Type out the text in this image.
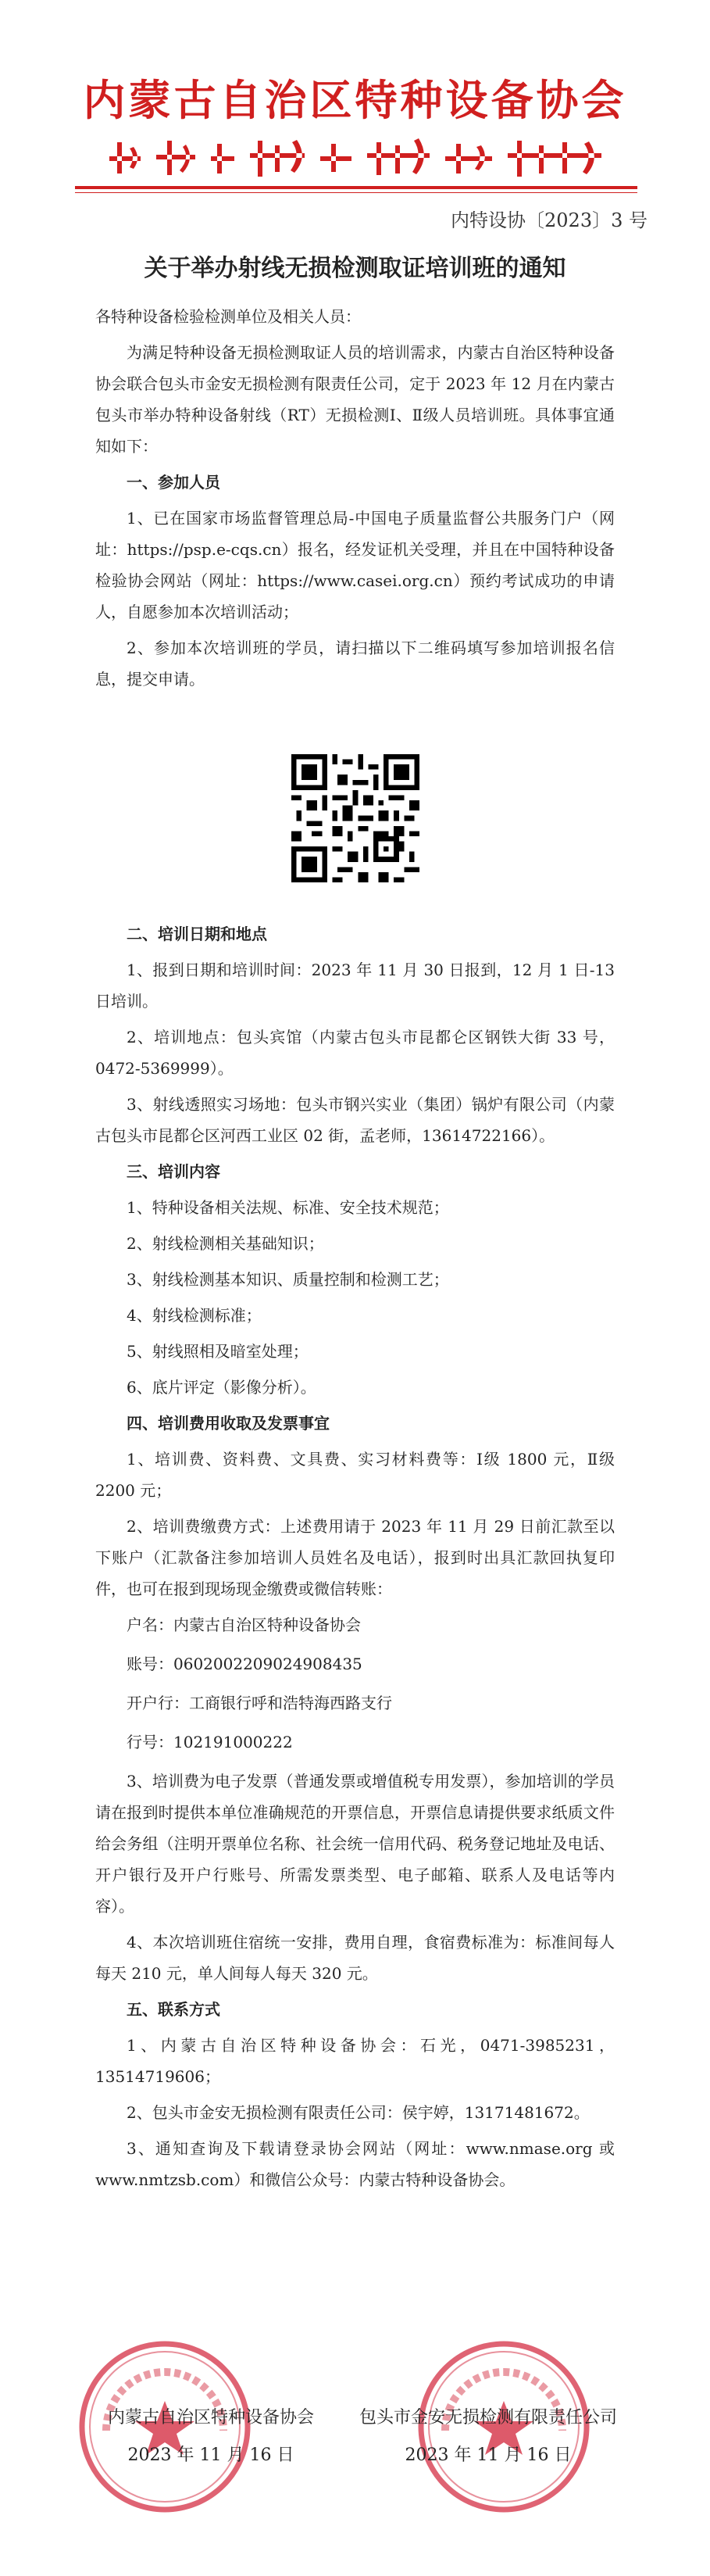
内蒙古自治区特种设备协会
内特设协〔2023〕3 号
关于举办射线无损检测取证培训班的通知

各特种设备检验检测单位及相关人员：

为满足特种设备无损检测取证人员的培训需求，内蒙古自治区特种设备协会联合包头市金安无损检测有限责任公司，定于 2023 年 12 月在内蒙古包头市举办特种设备射线（RT）无损检测Ⅰ、Ⅱ级人员培训班。具体事宜通知如下：

一、参加人员

1、已在国家市场监督管理总局-中国电子质量监督公共服务门户（网址：https://psp.e-cqs.cn）报名，经发证机关受理，并且在中国特种设备检验协会网站（网址：https://www.casei.org.cn）预约考试成功的申请人，自愿参加本次培训活动；

2、参加本次培训班的学员，请扫描以下二维码填写参加培训报名信息，提交申请。

二、培训日期和地点

1、报到日期和培训时间：2023 年 11 月 30 日报到，12 月 1 日-13 日培训。

2、培训地点：包头宾馆（内蒙古包头市昆都仑区钢铁大街 33 号，0472-5369999）。

3、射线透照实习场地：包头市钢兴实业（集团）锅炉有限公司（内蒙古包头市昆都仑区河西工业区 02 街，孟老师，13614722166）。

三、培训内容

1、特种设备相关法规、标准、安全技术规范；

2、射线检测相关基础知识；

3、射线检测基本知识、质量控制和检测工艺；

4、射线检测标准；

5、射线照相及暗室处理；

6、底片评定（影像分析）。

四、培训费用收取及发票事宜

1、培训费、资料费、文具费、实习材料费等：Ⅰ级 1800 元，Ⅱ级 2200 元；

2、培训费缴费方式：上述费用请于 2023 年 11 月 29 日前汇款至以下账户（汇款备注参加培训人员姓名及电话），报到时出具汇款回执复印件，也可在报到现场现金缴费或微信转账：

户名：内蒙古自治区特种设备协会

账号：0602002209024908435

开户行：工商银行呼和浩特海西路支行

行号：102191000222

3、培训费为电子发票（普通发票或增值税专用发票），参加培训的学员请在报到时提供本单位准确规范的开票信息，开票信息请提供要求纸质文件给会务组（注明开票单位名称、社会统一信用代码、税务登记地址及电话、开户银行及开户行账号、所需发票类型、电子邮箱、联系人及电话等内容）。

4、本次培训班住宿统一安排，费用自理，食宿费标准为：标准间每人每天 210 元，单人间每人每天 320 元。

五、联系方式

1、内蒙古自治区特种设备协会：石光，0471-3985231，13514719606；

2、包头市金安无损检测有限责任公司：侯宇婷，13171481672。

3、通知查询及下载请登录协会网站（网址：www.nmase.org 或www.nmtzsb.com）和微信公众号：内蒙古特种设备协会。

内蒙古自治区特种设备协会
2023 年 11 月 16 日
包头市金安无损检测有限责任公司
2023 年 11 月 16 日
